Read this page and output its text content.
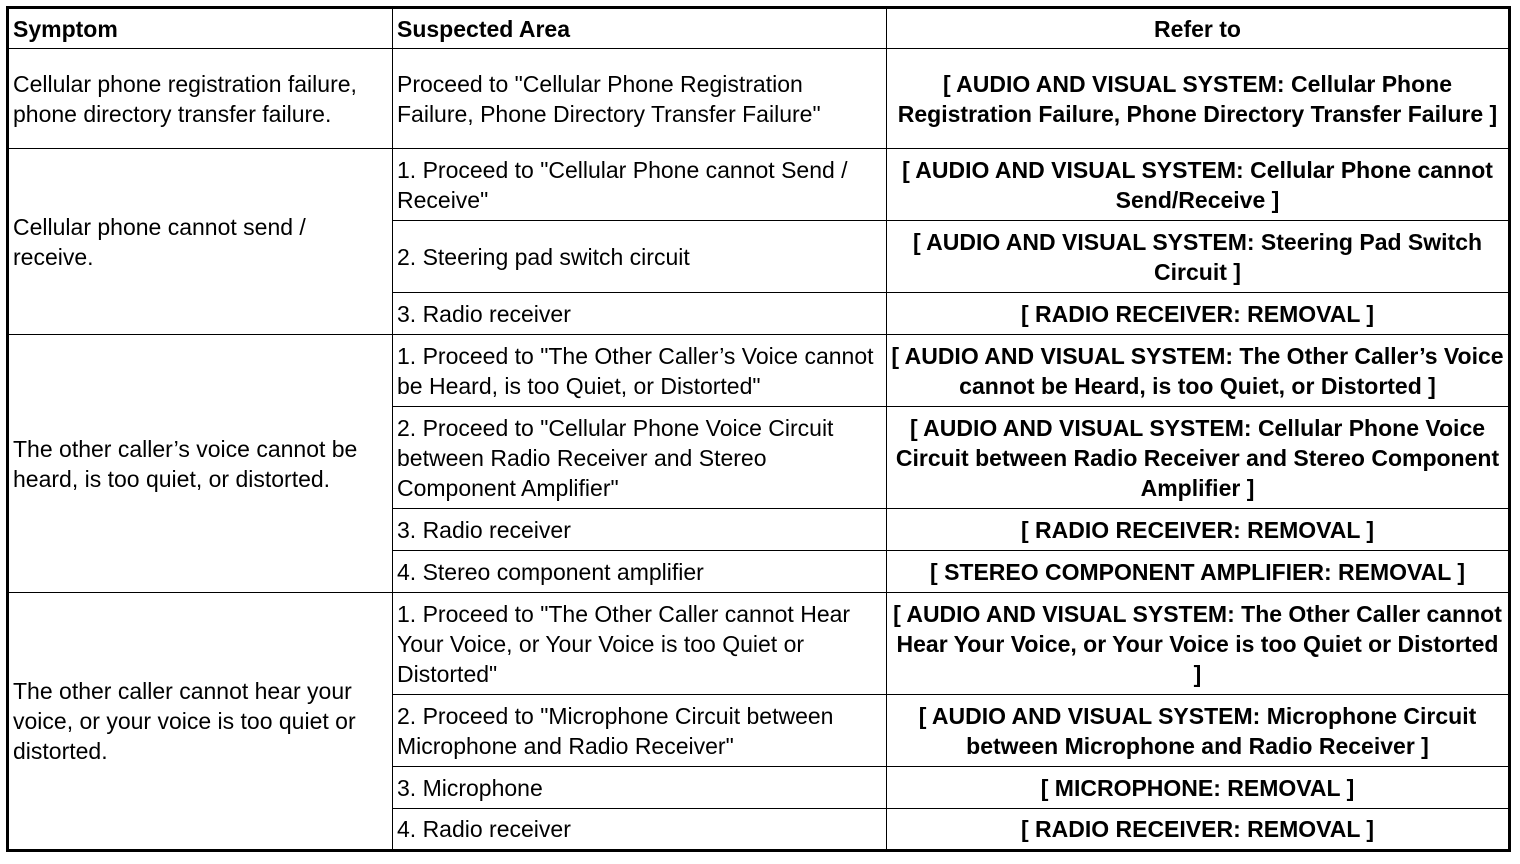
Symptom	Suspected Area	Refer to
Cellular phone registration failure, phone directory transfer failure.	Proceed to "Cellular Phone Registration Failure, Phone Directory Transfer Failure"	[ AUDIO AND VISUAL SYSTEM: Cellular Phone Registration Failure, Phone Directory Transfer Failure ]
Cellular phone cannot send / receive.	1. Proceed to "Cellular Phone cannot Send / Receive"	[ AUDIO AND VISUAL SYSTEM: Cellular Phone cannot Send/Receive ]
	2. Steering pad switch circuit	[ AUDIO AND VISUAL SYSTEM: Steering Pad Switch Circuit ]
	3. Radio receiver	[ RADIO RECEIVER: REMOVAL ]
The other caller’s voice cannot be heard, is too quiet, or distorted.	1. Proceed to "The Other Caller’s Voice cannot be Heard, is too Quiet, or Distorted"	[ AUDIO AND VISUAL SYSTEM: The Other Caller’s Voice cannot be Heard, is too Quiet, or Distorted ]
	2. Proceed to "Cellular Phone Voice Circuit between Radio Receiver and Stereo Component Amplifier"	[ AUDIO AND VISUAL SYSTEM: Cellular Phone Voice Circuit between Radio Receiver and Stereo Component Amplifier ]
	3. Radio receiver	[ RADIO RECEIVER: REMOVAL ]
	4. Stereo component amplifier	[ STEREO COMPONENT AMPLIFIER: REMOVAL ]
The other caller cannot hear your voice, or your voice is too quiet or distorted.	1. Proceed to "The Other Caller cannot Hear Your Voice, or Your Voice is too Quiet or Distorted"	[ AUDIO AND VISUAL SYSTEM: The Other Caller cannot Hear Your Voice, or Your Voice is too Quiet or Distorted ]
	2. Proceed to "Microphone Circuit between Microphone and Radio Receiver"	[ AUDIO AND VISUAL SYSTEM: Microphone Circuit between Microphone and Radio Receiver ]
	3. Microphone	[ MICROPHONE: REMOVAL ]
	4. Radio receiver	[ RADIO RECEIVER: REMOVAL ]
